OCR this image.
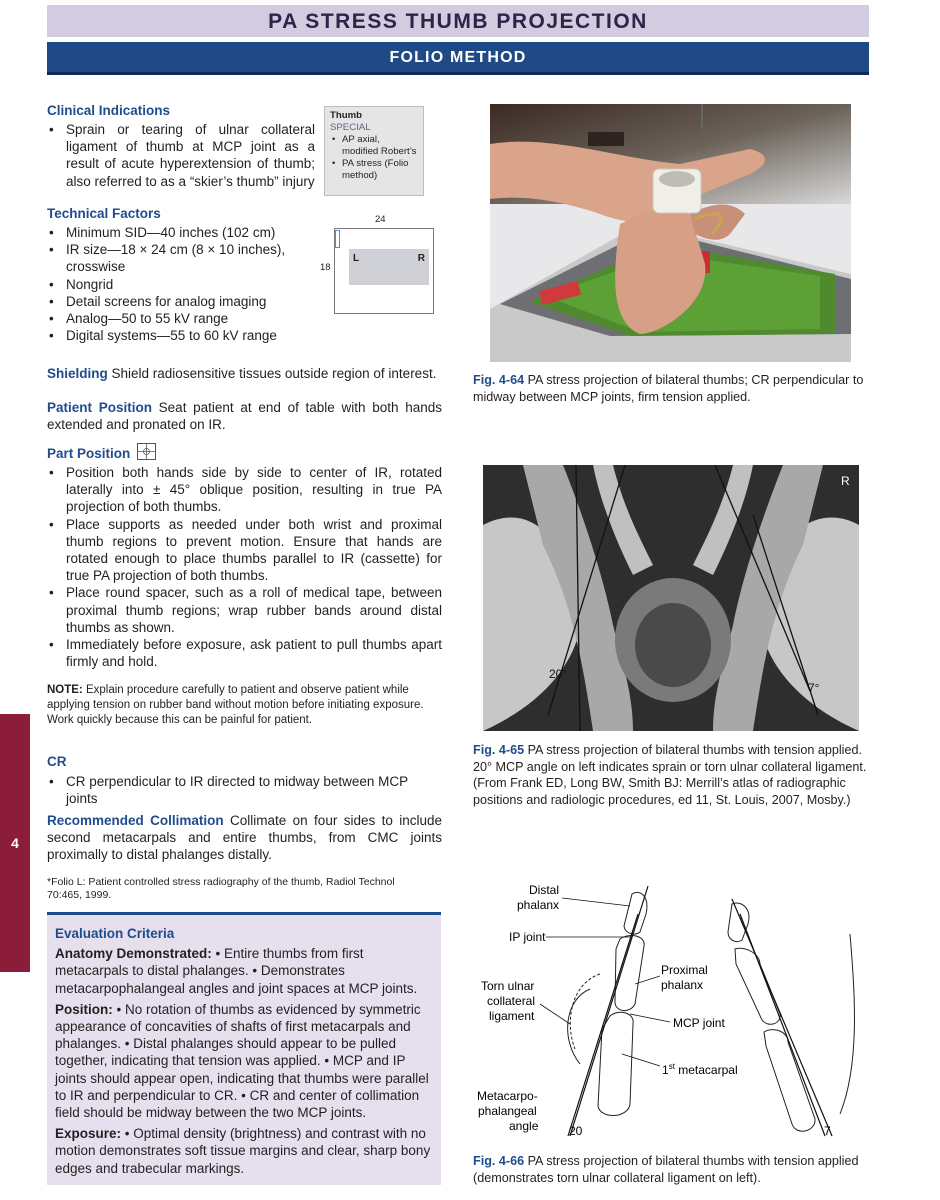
PA STRESS THUMB PROJECTION
FOLIO METHOD
4
Clinical Indications
• Sprain or tearing of ulnar collateral ligament of thumb at MCP joint as a result of acute hyperextension of thumb; also referred to as a “skier’s thumb” injury
Thumb
SPECIAL
• AP axial, modified Robert’s
• PA stress (Folio method)
24
18
L	R
Technical Factors
• Minimum SID—40 inches (102 cm)
• IR size—18 × 24 cm (8 × 10 inches), crosswise
• Nongrid
• Detail screens for analog imaging
• Analog—50 to 55 kV range
• Digital systems—55 to 60 kV range
Shielding Shield radiosensitive tissues outside region of interest.
Patient Position Seat patient at end of table with both hands extended and pronated on IR.
Part Position
• Position both hands side by side to center of IR, rotated laterally into ± 45° oblique position, resulting in true PA projection of both thumbs.
• Place supports as needed under both wrist and proximal thumb regions to prevent motion. Ensure that hands are rotated enough to place thumbs parallel to IR (cassette) for true PA projection of both thumbs.
• Place round spacer, such as a roll of medical tape, between proximal thumb regions; wrap rubber bands around distal thumbs as shown.
• Immediately before exposure, ask patient to pull thumbs apart firmly and hold.
NOTE: Explain procedure carefully to patient and observe patient while applying tension on rubber band without motion before initiating exposure. Work quickly because this can be painful for patient.
CR
• CR perpendicular to IR directed to midway between MCP joints
Recommended Collimation Collimate on four sides to include second metacarpals and entire thumbs, from CMC joints proximally to distal phalanges distally.
*Folio L: Patient controlled stress radiography of the thumb, Radiol Technol 70:465, 1999.
Evaluation Criteria

Anatomy Demonstrated: • Entire thumbs from first metacarpals to distal phalanges. • Demonstrates metacarpophalangeal angles and joint spaces at MCP joints.

Position: • No rotation of thumbs as evidenced by symmetric appearance of concavities of shafts of first metacarpals and phalanges. • Distal phalanges should appear to be pulled together, indicating that tension was applied. • MCP and IP joints should appear open, indicating that thumbs were parallel to IR and perpendicular to CR. • CR and center of collimation field should be midway between the two MCP joints.

Exposure: • Optimal density (brightness) and contrast with no motion demonstrates soft tissue margins and clear, sharp bony edges and trabecular markings.

Fig. 4-64 PA stress projection of bilateral thumbs; CR perpendicular to midway between MCP joints, firm tension applied.
R
20°
7°
Fig. 4-65 PA stress projection of bilateral thumbs with tension applied. 20° MCP angle on left indicates sprain or torn ulnar collateral ligament. (From Frank ED, Long BW, Smith BJ: Merrill’s atlas of radiographic positions and radiologic procedures, ed 11, St. Louis, 2007, Mosby.)
Distal
phalanx
IP joint
Torn ulnar
collateral
ligament
Proximal
phalanx
MCP joint
1st metacarpal
Metacarpo-
phalangeal
angle	20	7
Fig. 4-66 PA stress projection of bilateral thumbs with tension applied (demonstrates torn ulnar collateral ligament on left).
